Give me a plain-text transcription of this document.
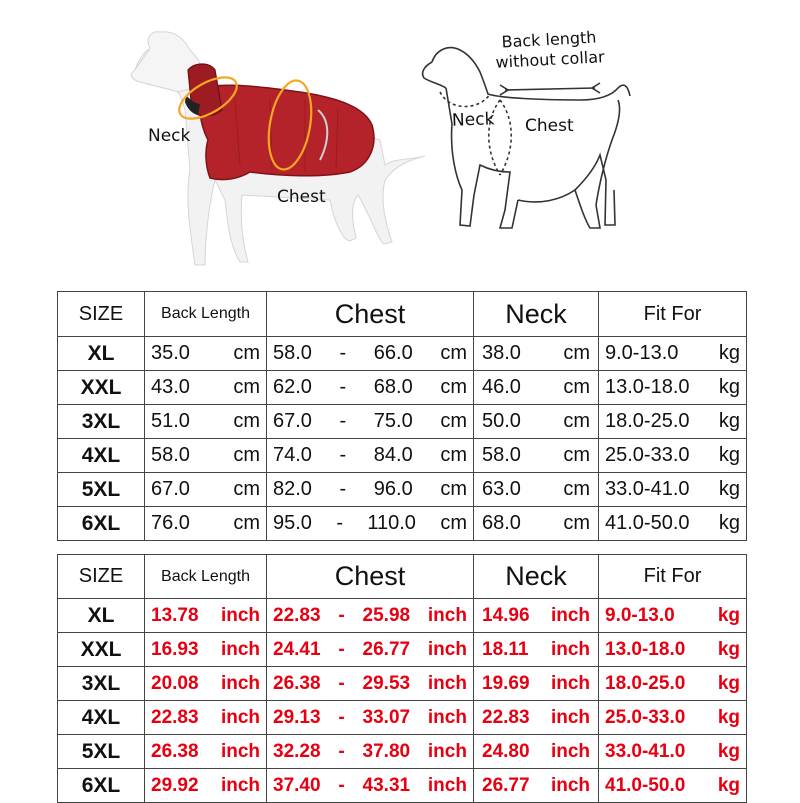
Neck
Chest
Back length
without collar
Neck Chest
SIZE	Back Length	Chest	Neck	Fit For
XL	35.0 cm	58.0 - 66.0 cm	38.0 cm	9.0-13.0 kg

XXL	43.0 cm	62.0 - 68.0 cm	46.0 cm	13.0-18.0 kg

3XL	51.0 cm	67.0 - 75.0 cm	50.0 cm	18.0-25.0 kg

4XL	58.0 cm	74.0 - 84.0 cm	58.0 cm	25.0-33.0 kg

5XL	67.0 cm	82.0 - 96.0 cm	63.0 cm	33.0-41.0 kg

6XL	76.0 cm	95.0 - 110.0 cm	68.0 cm	41.0-50.0 kg

SIZE	Back Length	Chest	Neck	Fit For
XL	13.78 inch	22.83 - 25.98 inch	14.96 inch	9.0-13.0 kg

XXL	16.93 inch	24.41 - 26.77 inch	18.11 inch	13.0-18.0 kg

3XL	20.08 inch	26.38 - 29.53 inch	19.69 inch	18.0-25.0 kg

4XL	22.83 inch	29.13 - 33.07 inch	22.83 inch	25.0-33.0 kg

5XL	26.38 inch	32.28 - 37.80 inch	24.80 inch	33.0-41.0 kg

6XL	29.92 inch	37.40 - 43.31 inch	26.77 inch	41.0-50.0 kg
